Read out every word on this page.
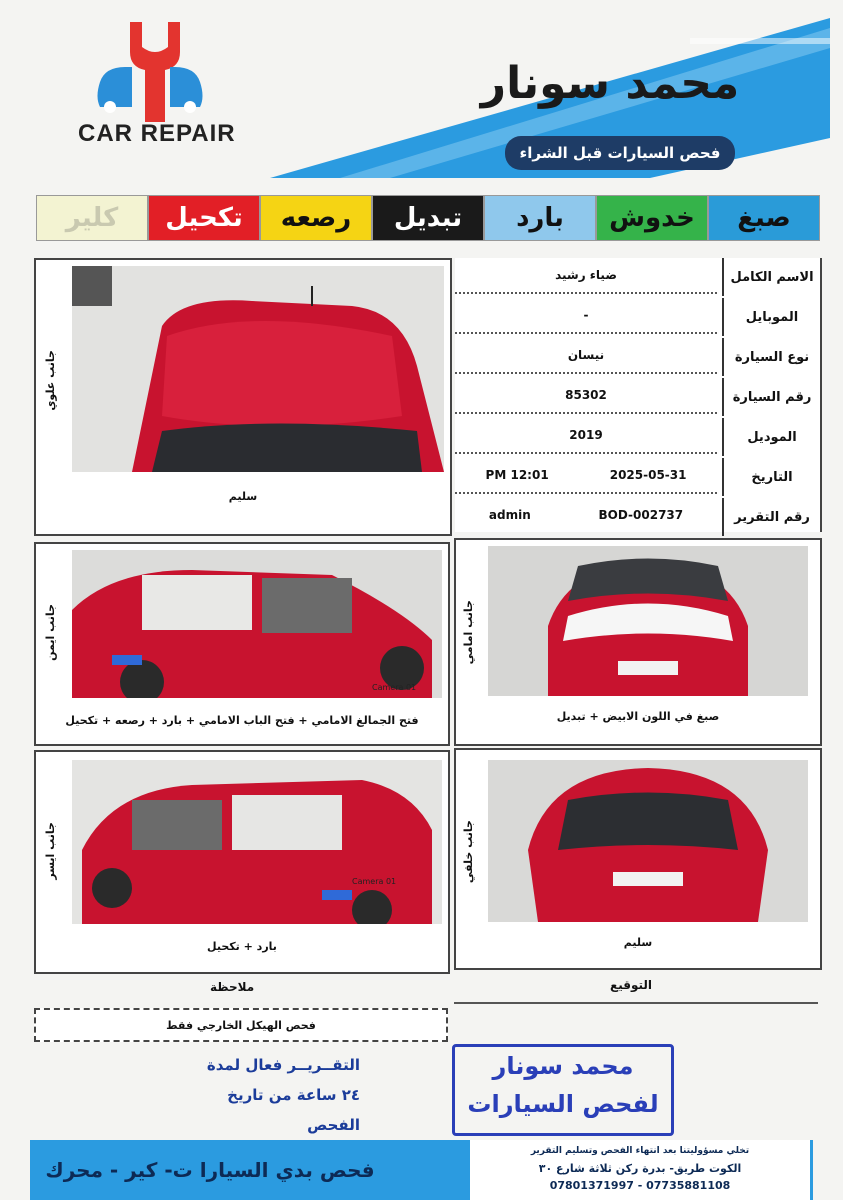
CAR REPAIR
محمد سونار
فحص السيارات قبل الشراء
صبغ
خدوش
بارد
تبديل
رصعه
تكحيل
كلير
جانب علوي
سليم
الاسم الكامل
ضياء رشيد
الموبايل
-
نوع السيارة
نيسان
رقم السيارة
85302
الموديل
2019
التاريخ
2025-05-31
12:01 PM
رقم التقرير
BOD-002737
admin
جانب ايمن
Camera 01
فتح الجمالغ الامامي + فتح الباب الامامي + بارد + رصعه + تكحيل
جانب امامي
صبغ في اللون الابيض + تبديل
جانب ايسر
Camera 01
بارد + تكحيل
جانب خلفي
سليم
ملاحظة
فحص الهيكل الخارجي فقط
التوقيع
التقــريــر فعال لمدة
٢٤ ساعة من تاريخ الفحص
محمد سونار
لفحص السيارات
فحص بدي السيارا ت- كير - محرك
تخلي مسؤوليتنا بعد انتهاء الفحص وتسليم التقرير
الكوت طريق- بدرة ركن ثلاثة شارع ٣٠
07801371997 - 07735881108
